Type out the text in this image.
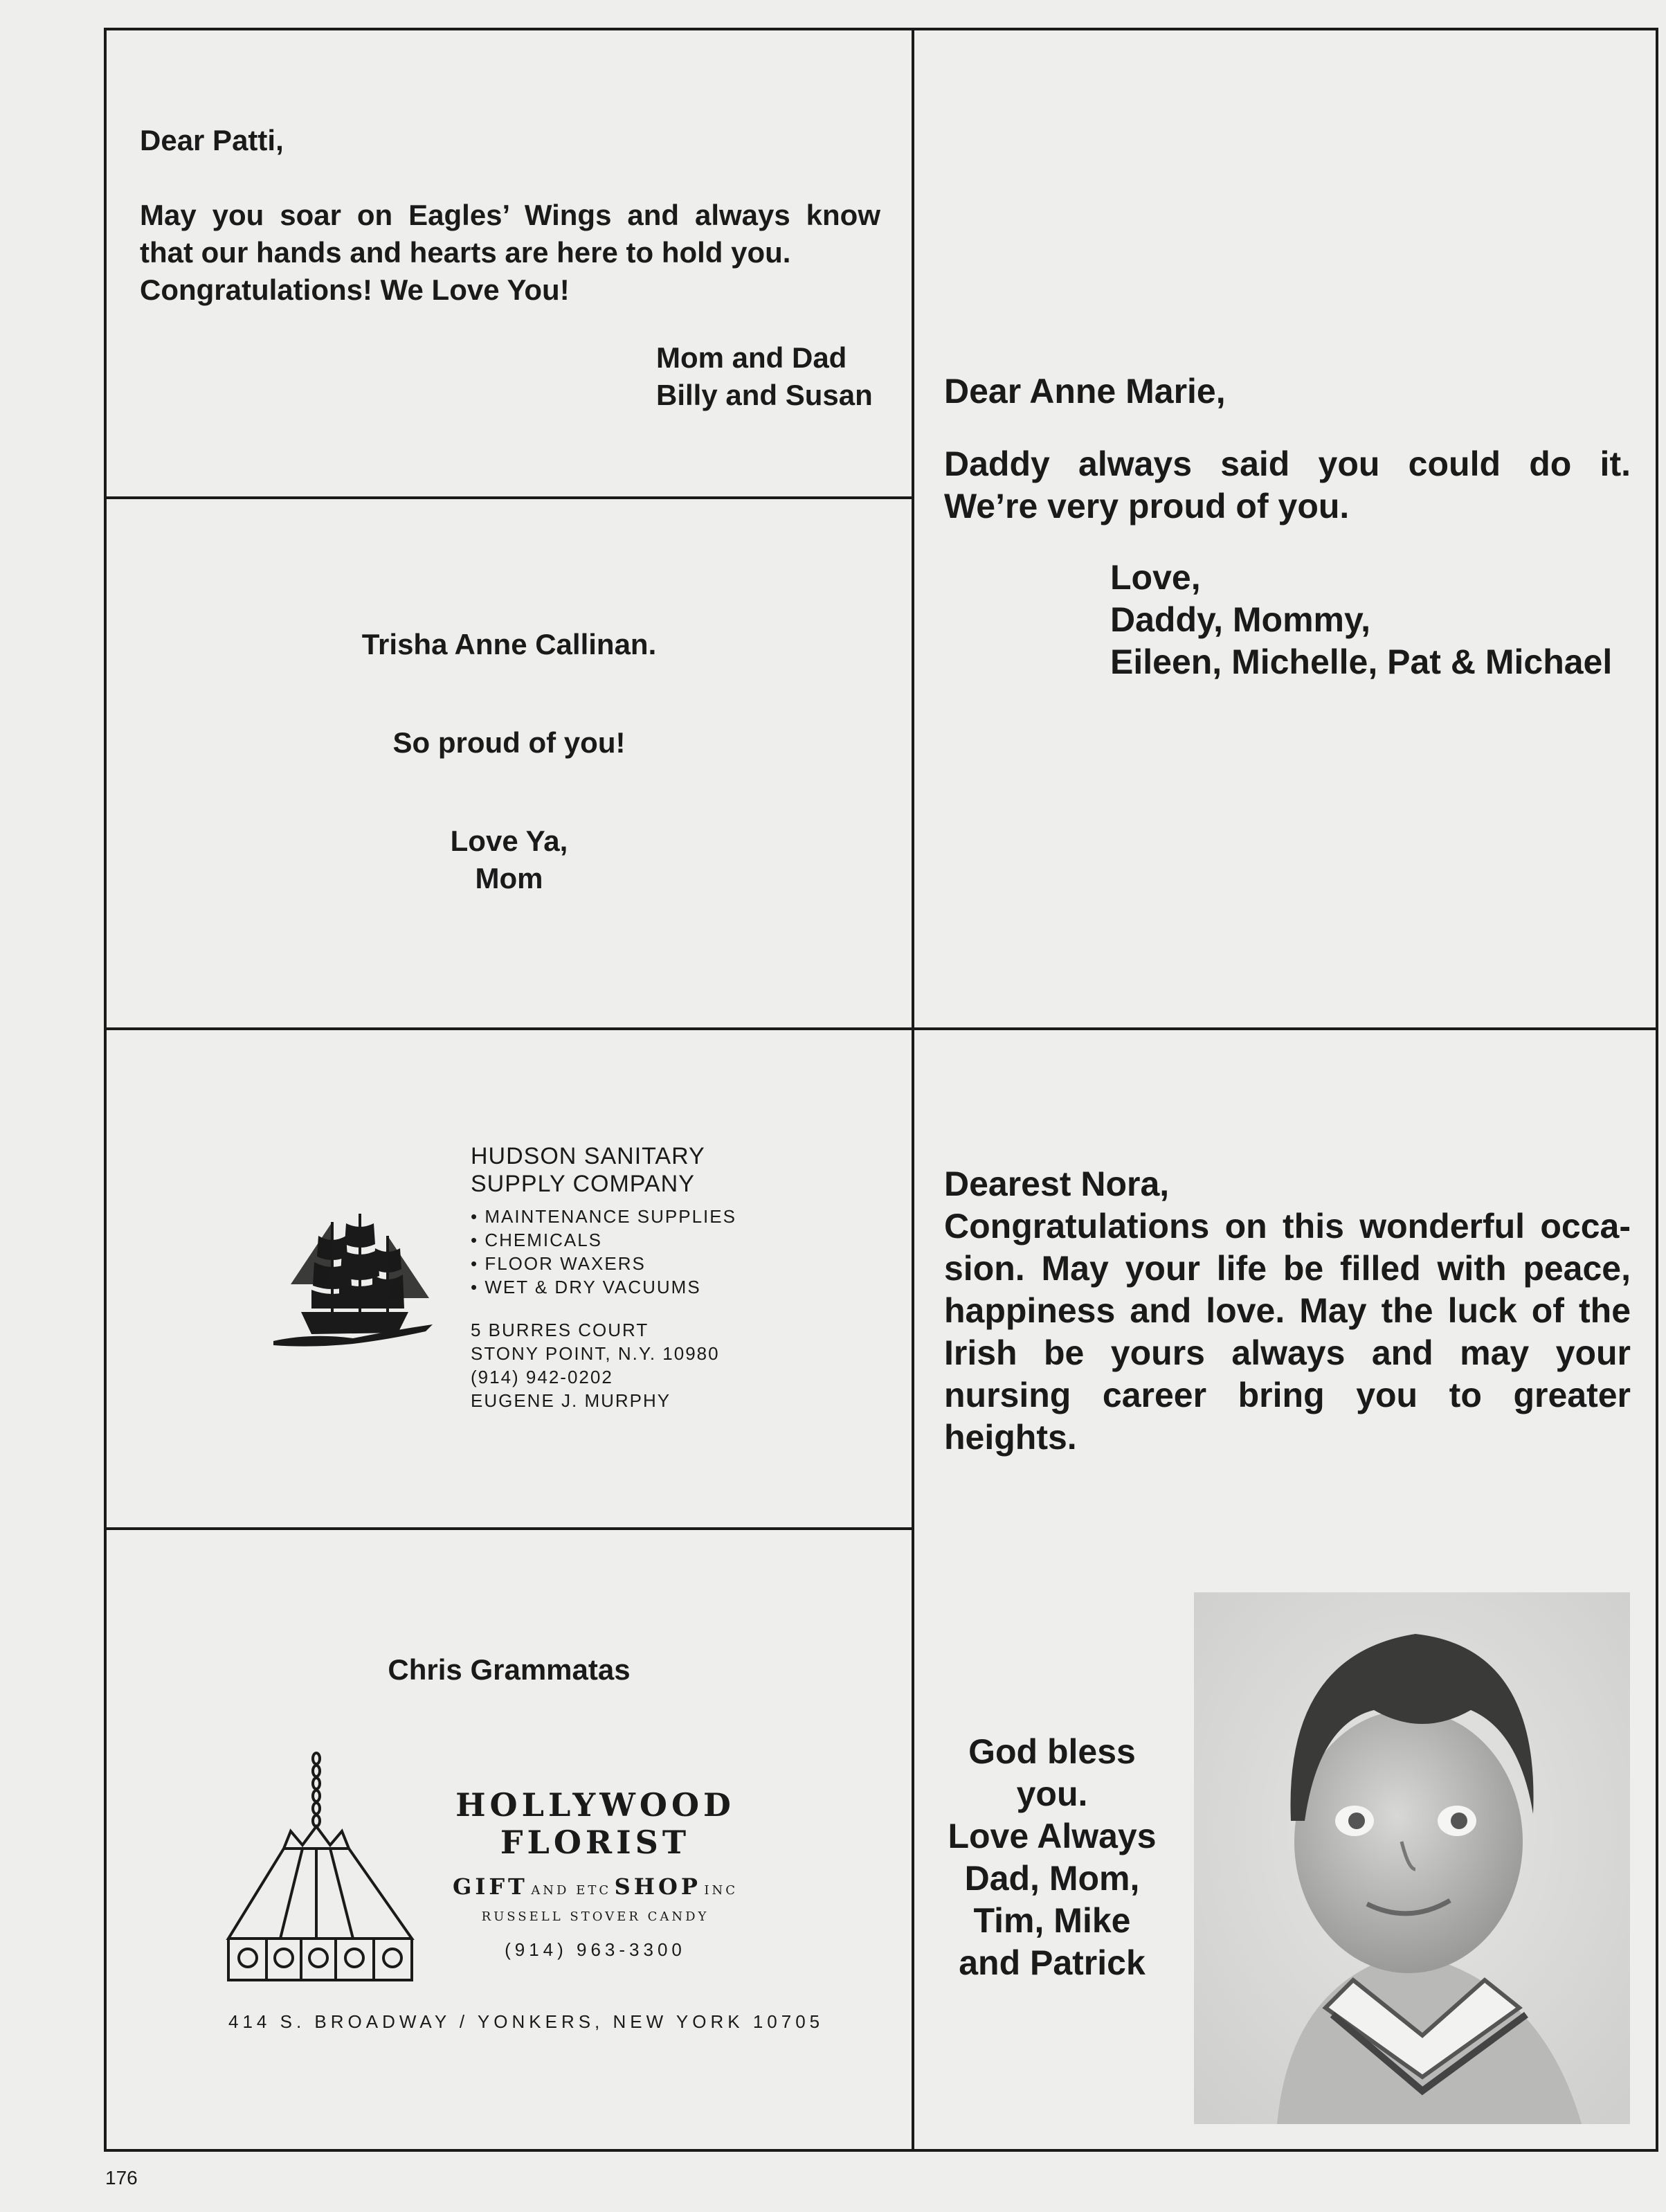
Dear Patti,

May you soar on Eagles’ Wings and always know

that our hands and hearts are here to hold you.

Congratulations! We Love You!

Mom and Dad

Billy and Susan

Trisha Anne Callinan.

So proud of you!

Love Ya,

Mom

Dear Anne Marie,

Daddy always said you could do it.

We’re very proud of you.

Love,

Daddy, Mommy,

Eileen, Michelle, Pat & Michael

HUDSON SANITARY

SUPPLY COMPANY

• MAINTENANCE SUPPLIES
• CHEMICALS
• FLOOR WAXERS
• WET & DRY VACUUMS

5 BURRES COURT

STONY POINT, N.Y. 10980

(914) 942-0202

EUGENE J. MURPHY

Dearest Nora,

Congratulations on this wonderful occa-

sion. May your life be filled with peace,

happiness and love. May the luck of the

Irish be yours always and may your

nursing career bring you to greater

heights.

God bless

you.

Love Always

Dad, Mom,

Tim, Mike

and Patrick

Chris Grammatas

HOLLYWOOD FLORIST

GIFT AND ETC SHOP INC

RUSSELL STOVER CANDY

(914) 963-3300

414 S. BROADWAY / YONKERS, NEW YORK 10705
176
